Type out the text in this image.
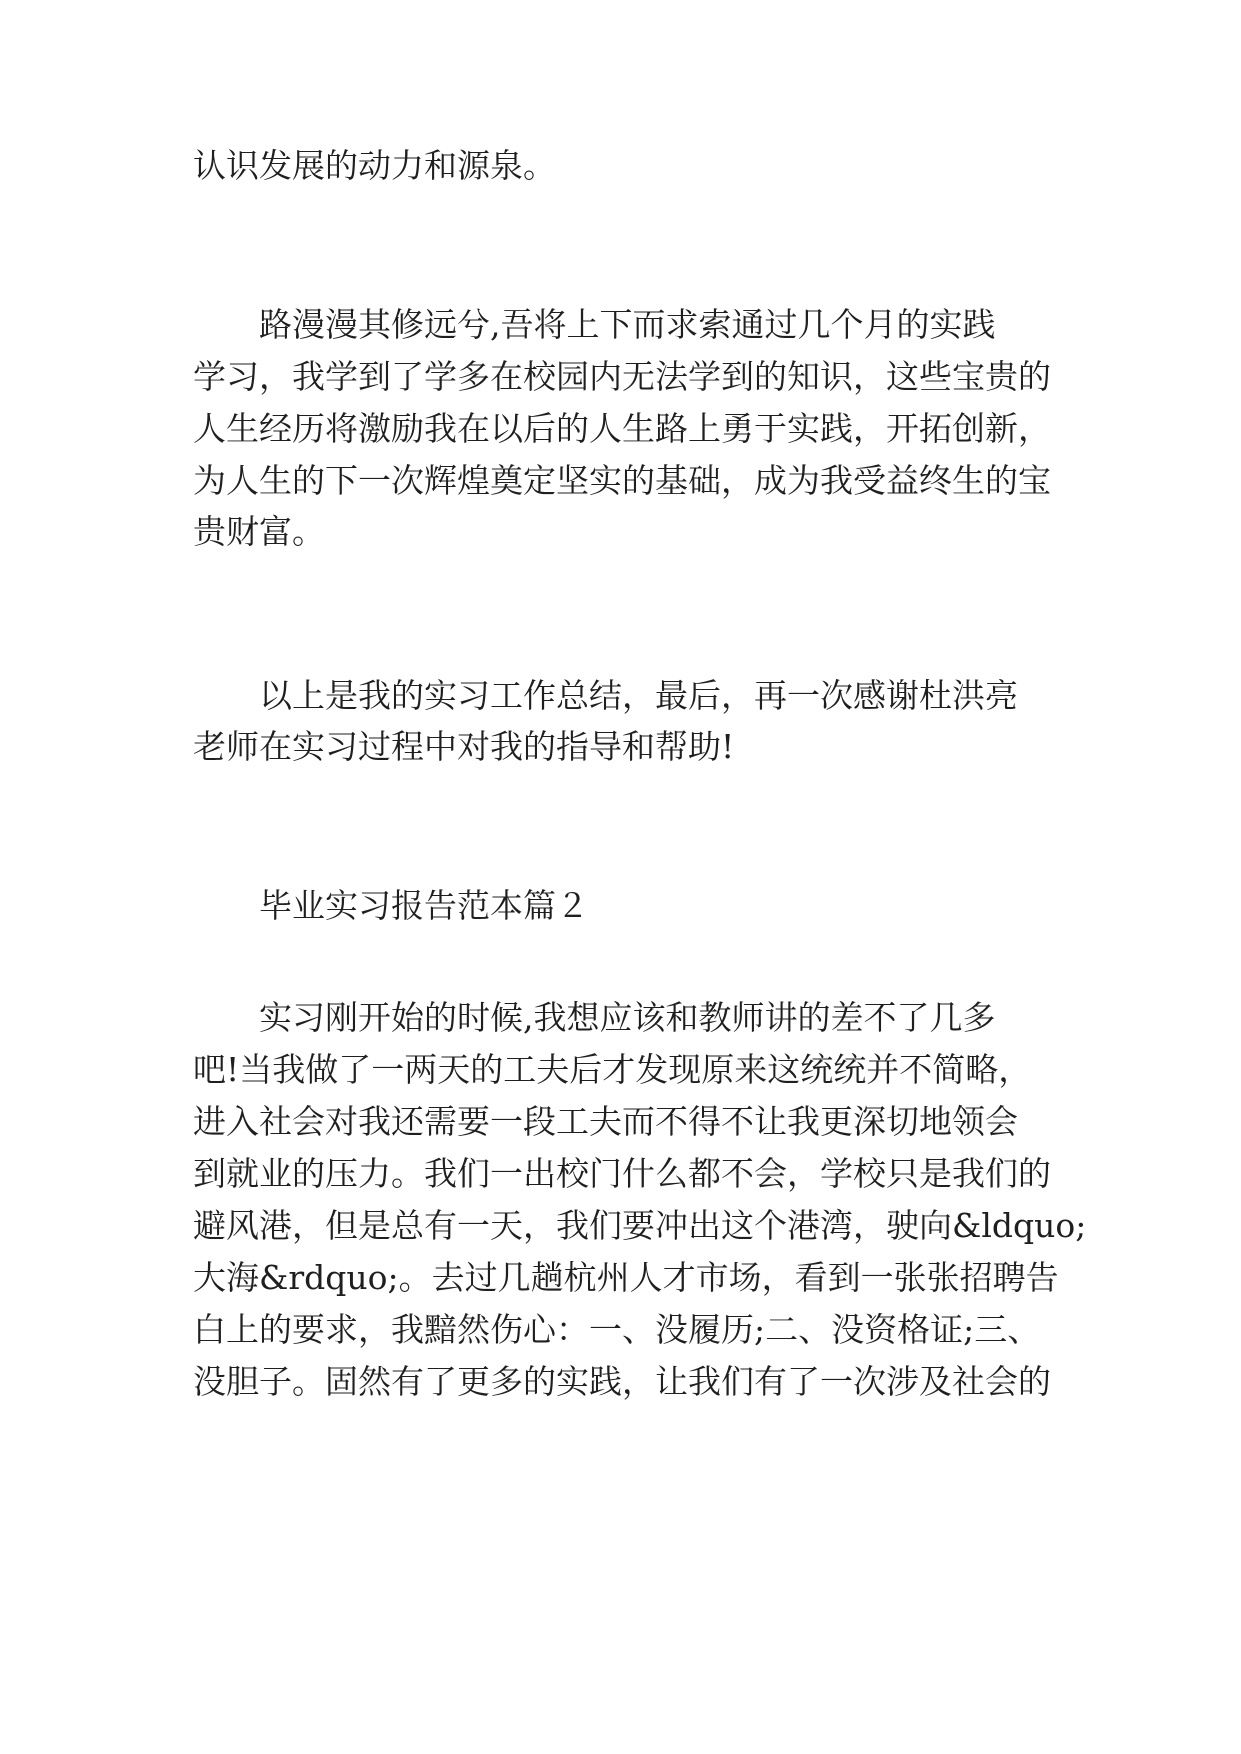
认识发展的动力和源泉。

　　路漫漫其修远兮,吾将上下而求索通过几个月的实践

学习，我学到了学多在校园内无法学到的知识，这些宝贵的

人生经历将激励我在以后的人生路上勇于实践，开拓创新，

为人生的下一次辉煌奠定坚实的基础，成为我受益终生的宝

贵财富。

　　以上是我的实习工作总结，最后，再一次感谢杜洪亮

老师在实习过程中对我的指导和帮助!

　　毕业实习报告范本篇２

　　实习刚开始的时候,我想应该和教师讲的差不了几多

吧!当我做了一两天的工夫后才发现原来这统统并不简略，

进入社会对我还需要一段工夫而不得不让我更深切地领会

到就业的压力。我们一出校门什么都不会，学校只是我们的

避风港，但是总有一天，我们要冲出这个港湾，驶向&ldquo;

大海&rdquo;。去过几趟杭州人才市场，看到一张张招聘告

白上的要求，我黯然伤心：一、没履历;二、没资格证;三、

没胆子。固然有了更多的实践，让我们有了一次涉及社会的
